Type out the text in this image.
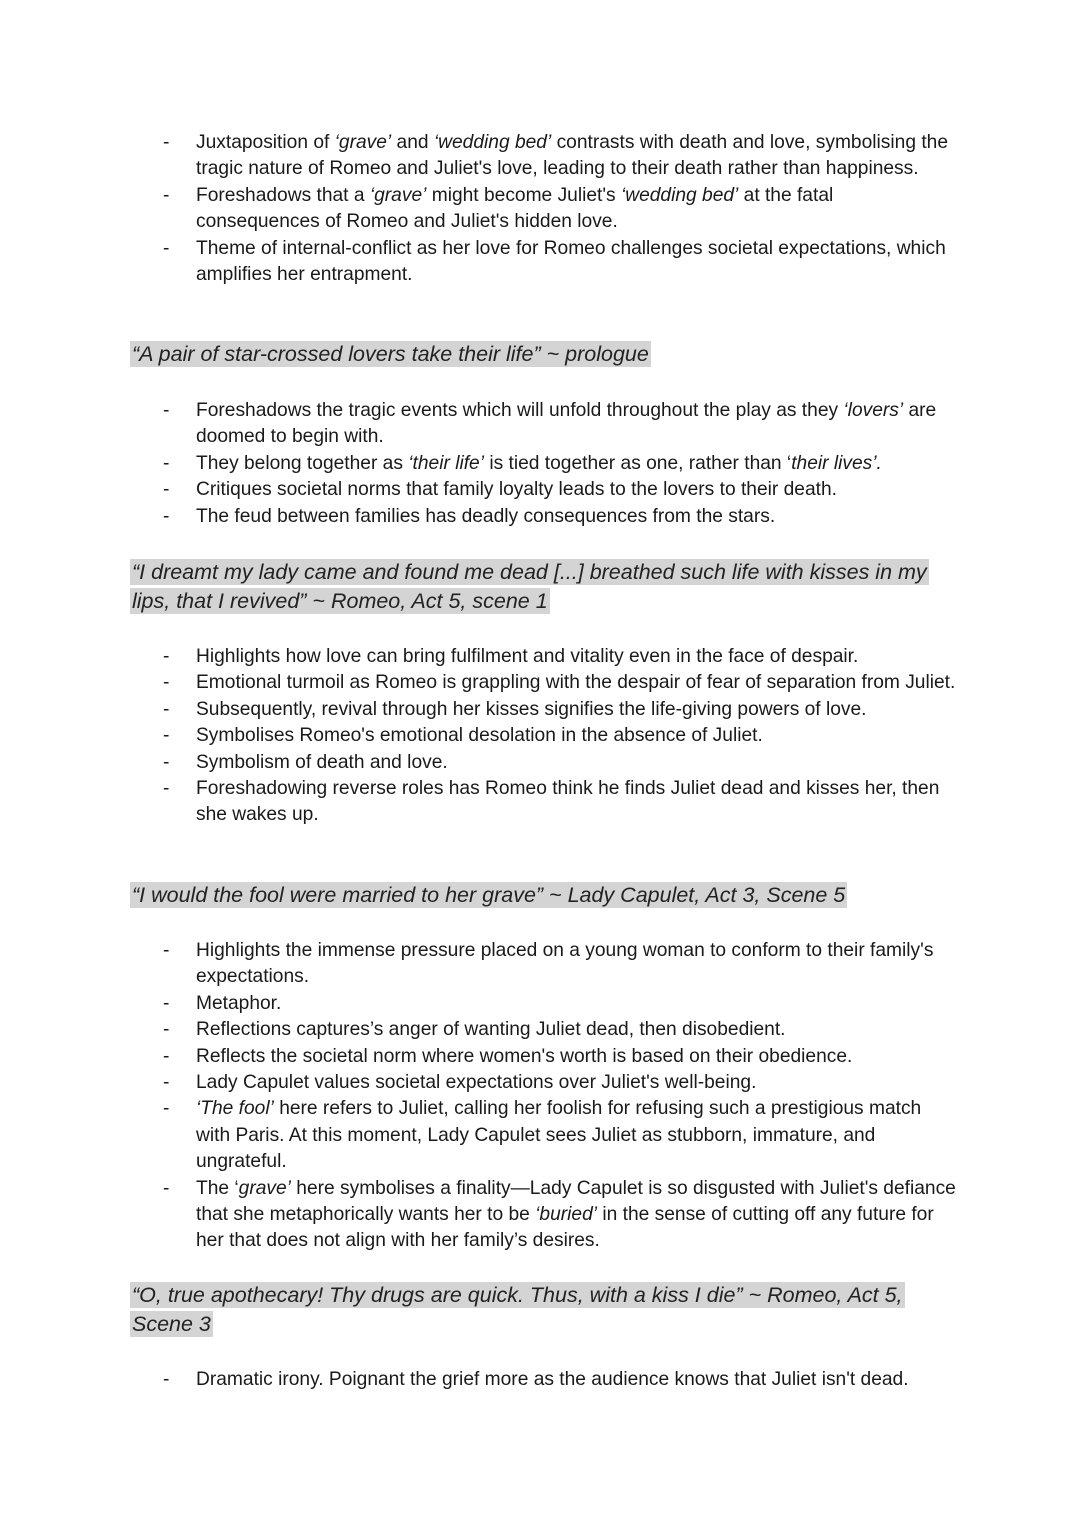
- Juxtaposition of ‘grave’ and ‘wedding bed’ contrasts with death and love, symbolising the tragic nature of Romeo and Juliet's love, leading to their death rather than happiness.
- Foreshadows that a ‘grave’ might become Juliet's ‘wedding bed’ at the fatal consequences of Romeo and Juliet's hidden love.
- Theme of internal-conflict as her love for Romeo challenges societal expectations, which amplifies her entrapment.
“A pair of star-crossed lovers take their life” ~ prologue
- Foreshadows the tragic events which will unfold throughout the play as they ‘lovers’ are doomed to begin with.
- They belong together as ‘their life’ is tied together as one, rather than ‘their lives’.
- Critiques societal norms that family loyalty leads to the lovers to their death.
- The feud between families has deadly consequences from the stars.
“I dreamt my lady came and found me dead [...] breathed such life with kisses in my lips, that I revived” ~ Romeo, Act 5, scene 1
- Highlights how love can bring fulfilment and vitality even in the face of despair.
- Emotional turmoil as Romeo is grappling with the despair of fear of separation from Juliet.
- Subsequently, revival through her kisses signifies the life-giving powers of love.
- Symbolises Romeo's emotional desolation in the absence of Juliet.
- Symbolism of death and love.
- Foreshadowing reverse roles has Romeo think he finds Juliet dead and kisses her, then she wakes up.
“I would the fool were married to her grave” ~ Lady Capulet, Act 3, Scene 5
- Highlights the immense pressure placed on a young woman to conform to their family's expectations.
- Metaphor.
- Reflections captures’s anger of wanting Juliet dead, then disobedient.
- Reflects the societal norm where women's worth is based on their obedience.
- Lady Capulet values societal expectations over Juliet's well-being.
- ‘The fool’ here refers to Juliet, calling her foolish for refusing such a prestigious match with Paris. At this moment, Lady Capulet sees Juliet as stubborn, immature, and ungrateful.
- The ‘grave’ here symbolises a finality—Lady Capulet is so disgusted with Juliet's defiance that she metaphorically wants her to be ‘buried’ in the sense of cutting off any future for her that does not align with her family’s desires.
“O, true apothecary! Thy drugs are quick. Thus, with a kiss I die” ~ Romeo, Act 5, Scene 3
- Dramatic irony. Poignant the grief more as the audience knows that Juliet isn't dead.
